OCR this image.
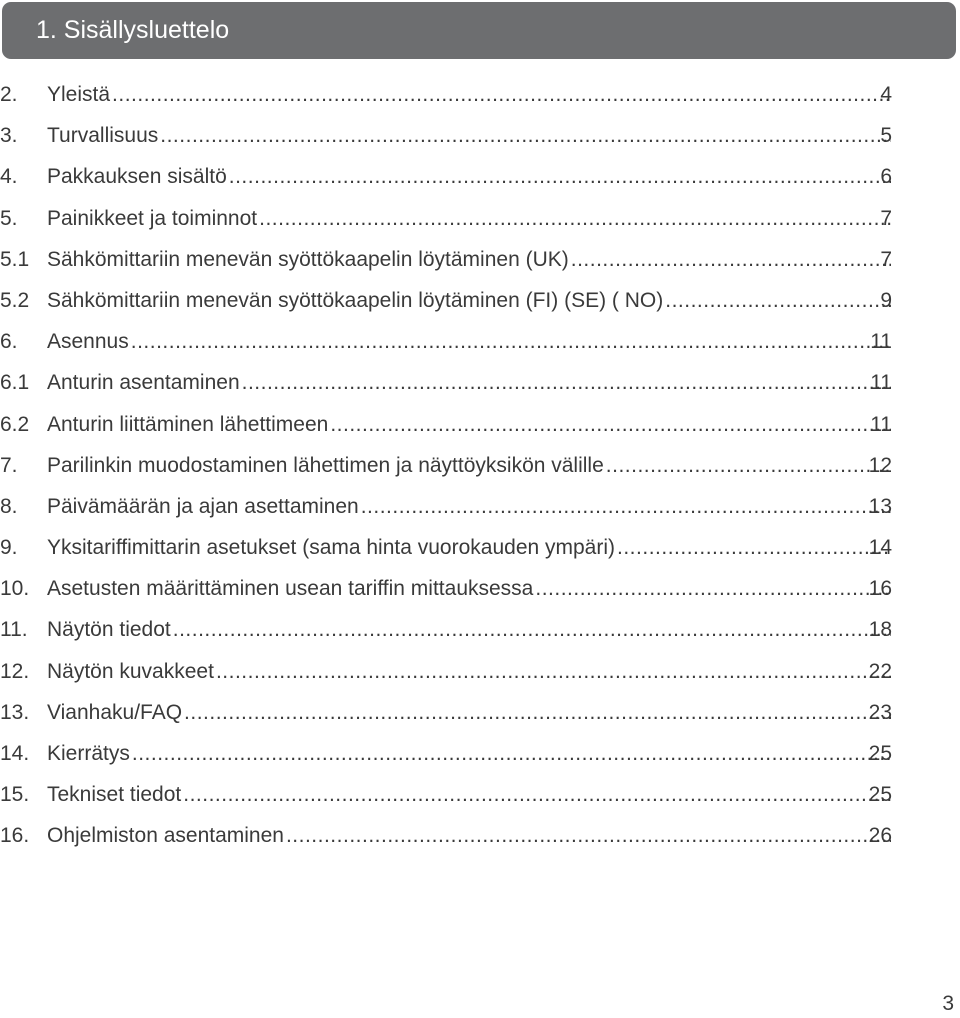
1. Sisällysluettelo
2. Yleistä .....	4
3. Turvallisuus .....	5
4. Pakkauksen sisältö .....	6
5. Painikkeet ja toiminnot .....	7
5.1 Sähkömittariin menevän syöttökaapelin löytäminen (UK) .....	7
5.2 Sähkömittariin menevän syöttökaapelin löytäminen (FI) (SE) ( NO) .....	9
6. Asennus .....	11
6.1 Anturin asentaminen .....	11
6.2 Anturin liittäminen lähettimeen .....	11
7. Parilinkin muodostaminen lähettimen ja näyttöyksikön välille .....	12
8. Päivämäärän ja ajan asettaminen .....	13
9. Yksitariffimittarin asetukset (sama hinta vuorokauden ympäri) .....	14
10. Asetusten määrittäminen usean tariffin mittauksessa .....	16
11. Näytön tiedot .....	18
12. Näytön kuvakkeet .....	22
13. Vianhaku/FAQ .....	23
14. Kierrätys .....	25
15. Tekniset tiedot .....	25
16. Ohjelmiston asentaminen .....	26
3
